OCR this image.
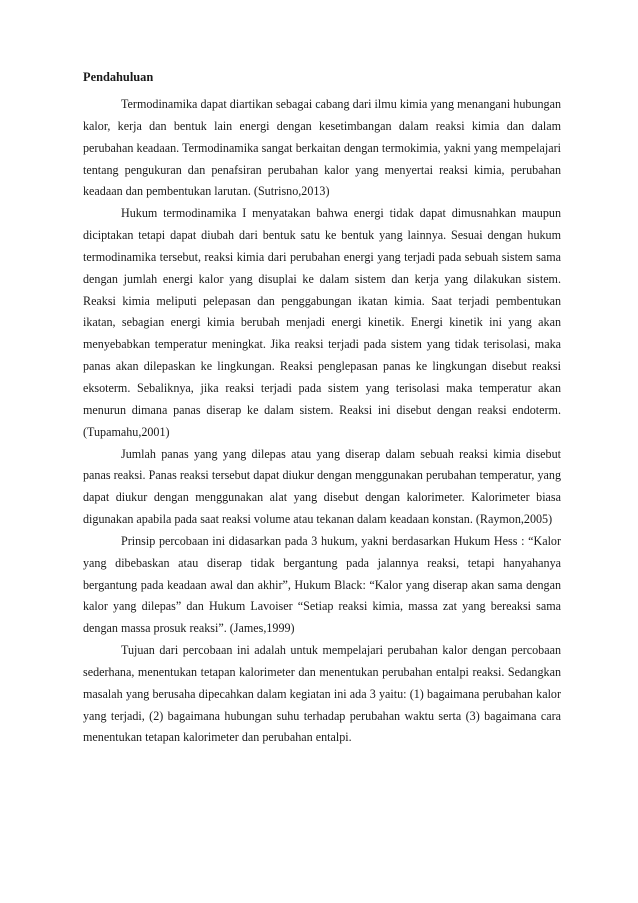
Pendahuluan

Termodinamika dapat diartikan sebagai cabang dari ilmu kimia yang menangani hubungan kalor, kerja dan bentuk lain energi dengan kesetimbangan dalam reaksi kimia dan dalam perubahan keadaan. Termodinamika sangat berkaitan dengan termokimia, yakni yang mempelajari tentang pengukuran dan penafsiran perubahan kalor yang menyertai reaksi kimia, perubahan keadaan dan pembentukan larutan. (Sutrisno,2013)

Hukum termodinamika I menyatakan bahwa energi tidak dapat dimusnahkan maupun diciptakan tetapi dapat diubah dari bentuk satu ke bentuk yang lainnya. Sesuai dengan hukum termodinamika tersebut, reaksi kimia dari perubahan energi yang terjadi pada sebuah sistem sama dengan jumlah energi kalor yang disuplai ke dalam sistem dan kerja yang dilakukan sistem. Reaksi kimia meliputi pelepasan dan penggabungan ikatan kimia. Saat terjadi pembentukan ikatan, sebagian energi kimia berubah menjadi energi kinetik. Energi kinetik ini yang akan menyebabkan temperatur meningkat. Jika reaksi terjadi pada sistem yang tidak terisolasi, maka panas akan dilepaskan ke lingkungan. Reaksi penglepasan panas ke lingkungan disebut reaksi eksoterm. Sebaliknya, jika reaksi terjadi pada sistem yang terisolasi maka temperatur akan menurun dimana panas diserap ke dalam sistem. Reaksi ini disebut dengan reaksi endoterm. (Tupamahu,2001)

Jumlah panas yang yang dilepas atau yang diserap dalam sebuah reaksi kimia disebut panas reaksi. Panas reaksi tersebut dapat diukur dengan menggunakan perubahan temperatur, yang dapat diukur dengan menggunakan alat yang disebut dengan kalorimeter. Kalorimeter biasa digunakan apabila pada saat reaksi volume atau tekanan dalam keadaan konstan. (Raymon,2005)

Prinsip percobaan ini didasarkan pada 3 hukum, yakni berdasarkan Hukum Hess : “Kalor yang dibebaskan atau diserap tidak bergantung pada jalannya reaksi, tetapi hanyahanya bergantung pada keadaan awal dan akhir”, Hukum Black: “Kalor yang diserap akan sama dengan kalor yang dilepas” dan Hukum Lavoiser “Setiap reaksi kimia, massa zat yang bereaksi sama dengan massa prosuk reaksi”. (James,1999)

Tujuan dari percobaan ini adalah untuk mempelajari perubahan kalor dengan percobaan sederhana, menentukan tetapan kalorimeter dan menentukan perubahan entalpi reaksi. Sedangkan masalah yang berusaha dipecahkan dalam kegiatan ini ada 3 yaitu: (1) bagaimana perubahan kalor yang terjadi, (2) bagaimana hubungan suhu terhadap perubahan waktu serta (3) bagaimana cara menentukan tetapan kalorimeter dan perubahan entalpi.
